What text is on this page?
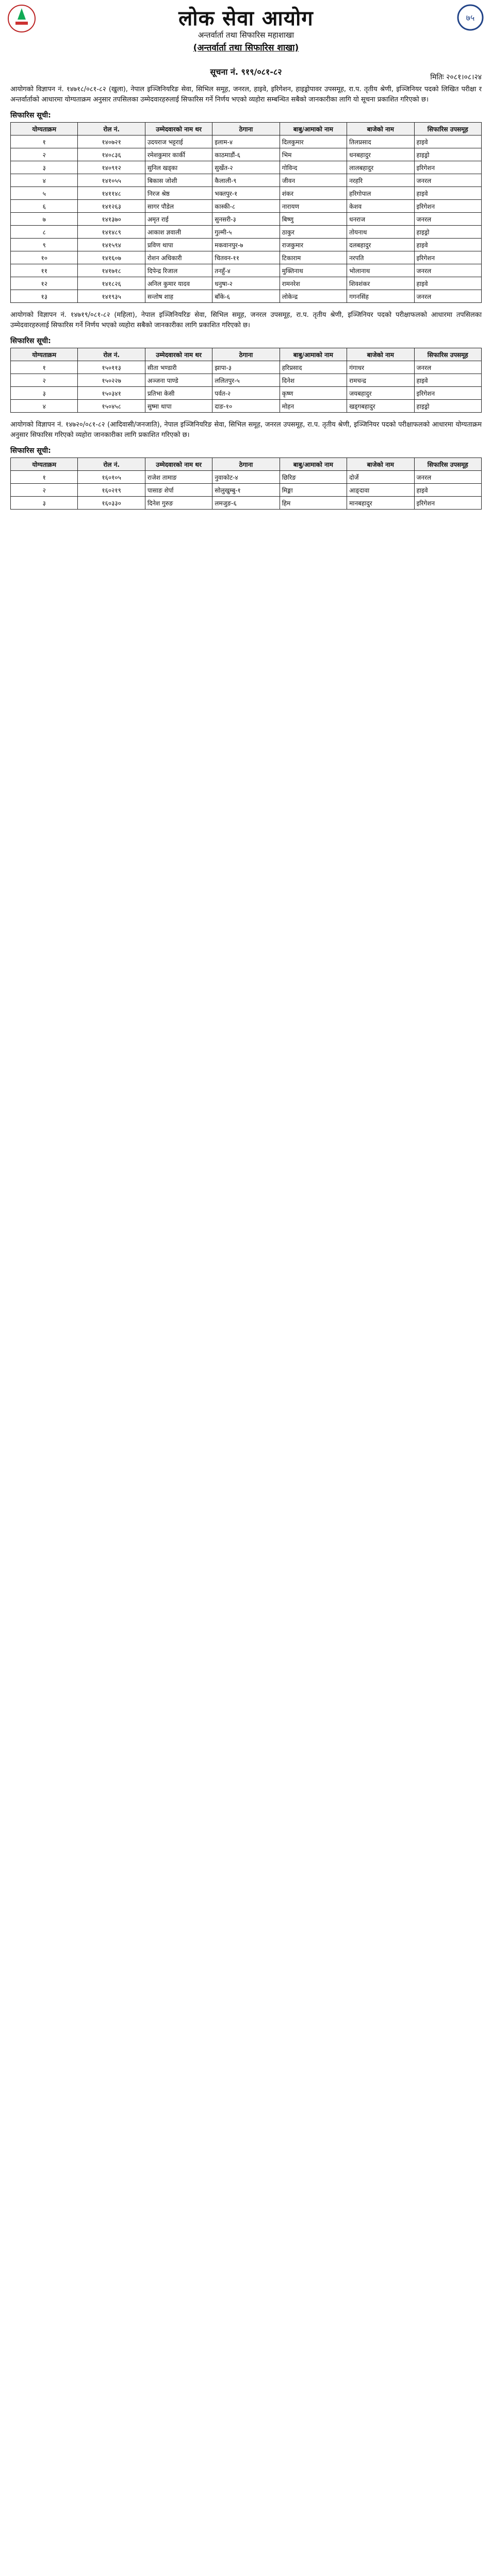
लोक सेवा आयोग
अन्तर्वार्ता तथा सिफारिस महाशाखा
(अन्तर्वार्ता तथा सिफारिस शाखा)
७५
सूचना नं. ९१९/०८१-८२
मितिः २०८१।०८।२४
आयोगको विज्ञापन नं. १४७१८/०८१-८२ (खुला), नेपाल इञ्जिनियरिङ सेवा, सिभिल समूह, जनरल, हाइवे, इरिगेशन, हाइड्रोपावर उपसमूह, रा.प. तृतीय श्रेणी, इञ्जिनियर पदको लिखित परीक्षा र अन्तर्वार्ताको आधारमा योग्यताक्रम अनुसार तपसिलका उम्मेदवारहरुलाई सिफारिस गर्ने निर्णय भएको व्यहोरा सम्बन्धित सबैको जानकारीका लागि यो सूचना प्रकाशित गरिएको छ।
सिफारिस सूची:
योग्यताक्रम	रोल नं.	उम्मेदवारको नाम थर	ठेगाना	बाबु/आमाको नाम	बाजेको नाम	सिफारिस उपसमूह
१	१४०७२१	उदयराज भट्टराई	इलाम-४	दिलकुमार	तिलप्रसाद	हाइवे
२	१४०८३६	रमेशकुमार कार्की	काठमाडौं-६	भिम	धनबहादुर	हाइड्रो
३	१४०९१२	सुनिल खड्का	सुर्खेत-२	गोविन्द	लालबहादुर	इरिगेशन
४	१४१०५५	बिकास जोशी	कैलाली-९	जीवन	नरहरि	जनरल
५	१४११४८	निरज श्रेष्ठ	भक्तपुर-१	शंकर	हरिगोपाल	हाइवे
६	१४१२६३	सागर पौडेल	कास्की-८	नारायण	केशव	इरिगेशन
७	१४१३७०	अमृत राई	सुनसरी-३	बिष्णु	धनराज	जनरल
८	१४१४८९	आकाश ज्ञवाली	गुल्मी-५	ठाकुर	तोयनाथ	हाइड्रो
९	१४१५९४	प्रविण थापा	मकवानपुर-७	राजकुमार	दलबहादुर	हाइवे
१०	१४१६०७	रोशन अधिकारी	चितवन-११	टिकाराम	नरपति	इरिगेशन
११	१४१७१८	दिपेन्द्र रिजाल	तनहुँ-४	मुक्तिनाथ	भोलानाथ	जनरल
१२	१४१८२६	अनिल कुमार यादव	धनुषा-२	रामनरेश	शिवशंकर	हाइवे
१३	१४१९३५	सन्तोष शाह	बाँके-६	लोकेन्द्र	गगनसिंह	जनरल
आयोगको विज्ञापन नं. १४७१९/०८१-८२ (महिला), नेपाल इञ्जिनियरिङ सेवा, सिभिल समूह, जनरल उपसमूह, रा.प. तृतीय श्रेणी, इञ्जिनियर पदको परीक्षाफलको आधारमा तपसिलका उम्मेदवारहरुलाई सिफारिस गर्ने निर्णय भएको व्यहोरा सबैको जानकारीका लागि प्रकाशित गरिएको छ।
सिफारिस सूची:
योग्यताक्रम	रोल नं.	उम्मेदवारको नाम थर	ठेगाना	बाबु/आमाको नाम	बाजेको नाम	सिफारिस उपसमूह
१	१५०११३	सीता भण्डारी	झापा-३	हरिप्रसाद	गंगाधर	जनरल
२	१५०२२७	अञ्जना पाण्डे	ललितपुर-५	दिनेश	रामचन्द्र	हाइवे
३	१५०३४१	प्रतिभा केसी	पर्वत-२	कृष्ण	जयबहादुर	इरिगेशन
४	१५०४५८	सुष्मा थापा	दाङ-१०	मोहन	खड्गबहादुर	हाइड्रो
आयोगको विज्ञापन नं. १४७२०/०८१-८२ (आदिवासी/जनजाति), नेपाल इञ्जिनियरिङ सेवा, सिभिल समूह, जनरल उपसमूह, रा.प. तृतीय श्रेणी, इञ्जिनियर पदको परीक्षाफलको आधारमा योग्यताक्रम अनुसार सिफारिस गरिएको व्यहोरा जानकारीका लागि प्रकाशित गरिएको छ।
सिफारिस सूची:
योग्यताक्रम	रोल नं.	उम्मेदवारको नाम थर	ठेगाना	बाबु/आमाको नाम	बाजेको नाम	सिफारिस उपसमूह
१	१६०१०५	राजेश तामाङ	नुवाकोट-४	छिरिङ	दोर्जे	जनरल
२	१६०२१९	पासाङ शेर्पा	सोलुखुम्बु-१	मिङ्मा	आङ्दावा	हाइवे
३	१६०३३०	दिनेश गुरुङ	लमजुङ-६	हिम	मानबहादुर	इरिगेशन
